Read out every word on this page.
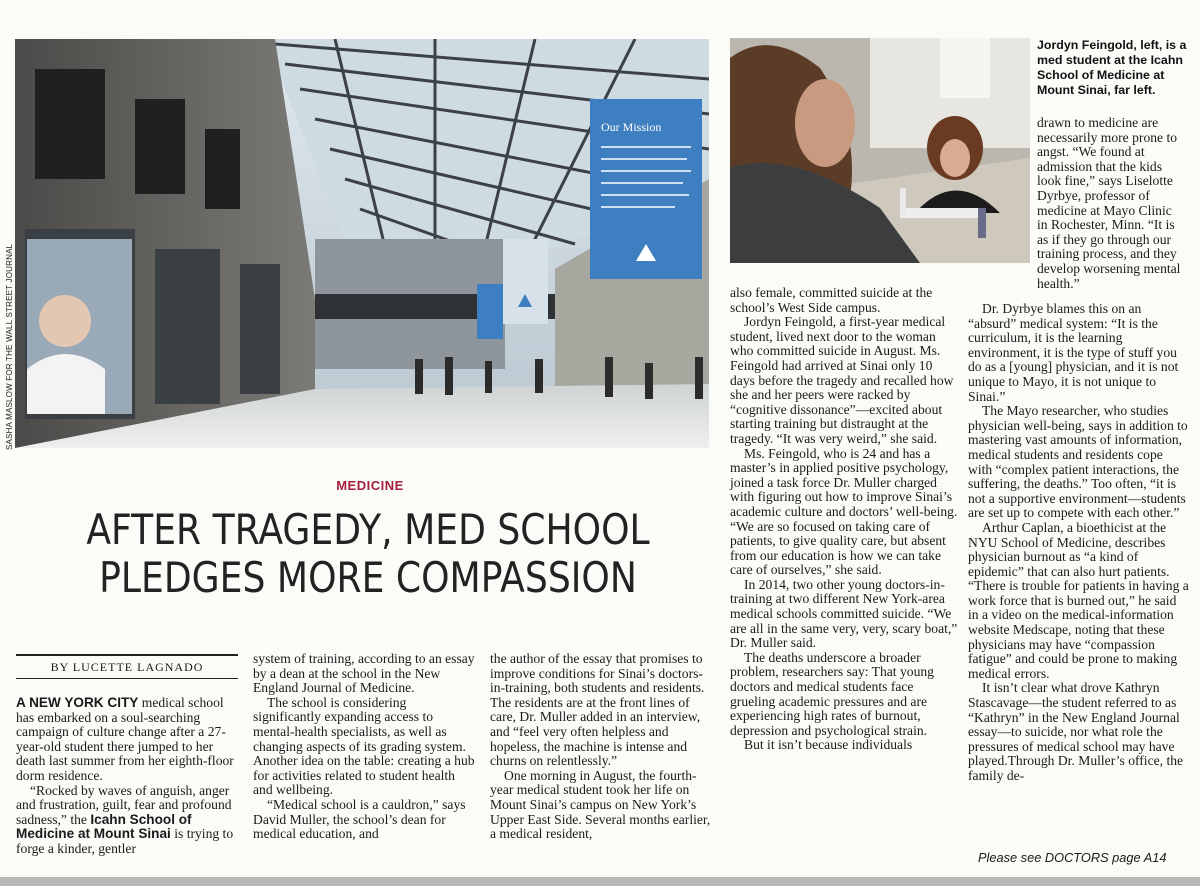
Our Mission
SASHA MASLOW FOR THE WALL STREET JOURNAL
Jordyn Feingold, left, is a med student at the Icahn School of Medicine at Mount Sinai, far left.
MEDICINE
AFTER TRAGEDY, MED SCHOOL
PLEDGES MORE COMPASSION
BY LUCETTE LAGNADO

A NEW YORK CITY medical school has embarked on a soul-searching campaign of culture change after a 27-year-old student there jumped to her death last summer from her eighth-floor dorm residence.

“Rocked by waves of anguish, anger and frustration, guilt, fear and profound sadness,” the Icahn School of Medicine at Mount Sinai is trying to forge a kinder, gentler

system of training, according to an essay by a dean at the school in the New England Journal of Medicine.

The school is considering significantly expanding access to mental-health specialists, as well as changing aspects of its grading system. Another idea on the table: creating a hub for activities related to student health and wellbeing.

“Medical school is a cauldron,” says David Muller, the school’s dean for medical education, and

the author of the essay that promises to improve conditions for Sinai’s doctors-in-training, both students and residents. The residents are at the front lines of care, Dr. Muller added in an interview, and “feel very often helpless and hopeless, the machine is intense and churns on relentlessly.”

One morning in August, the fourth-year medical student took her life on Mount Sinai’s campus on New York’s Upper East Side. Several months earlier, a medical resident,

also female, committed suicide at the school’s West Side campus.

Jordyn Feingold, a first-year medical student, lived next door to the woman who committed suicide in August. Ms. Feingold had arrived at Sinai only 10 days before the tragedy and recalled how she and her peers were racked by “cognitive dissonance”—excited about starting training but distraught at the tragedy. “It was very weird,” she said.

Ms. Feingold, who is 24 and has a master’s in applied positive psychology, joined a task force Dr. Muller charged with figuring out how to improve Sinai’s academic culture and doctors’ well-being. “We are so focused on taking care of patients, to give quality care, but absent from our education is how we can take care of ourselves,” she said.

In 2014, two other young doctors-in-training at two different New York-area medical schools committed suicide. “We are all in the same very, very, scary boat,” Dr. Muller said.

The deaths underscore a broader problem, researchers say: That young doctors and medical students face grueling academic pressures and are experiencing high rates of burnout, depression and psychological strain.

But it isn’t because individuals

drawn to medicine are necessarily more prone to angst. “We found at admission that the kids look fine,” says Liselotte Dyrbye, professor of medicine at Mayo Clinic in Rochester, Minn. “It is as if they go through our training process, and they develop worsening mental health.”

Dr. Dyrbye blames this on an “absurd” medical system: “It is the curriculum, it is the learning environment, it is the type of stuff you do as a [young] physician, and it is not unique to Mayo, it is not unique to Sinai.”

The Mayo researcher, who studies physician well-being, says in addition to mastering vast amounts of information, medical students and residents cope with “complex patient interactions, the suffering, the deaths.” Too often, “it is not a supportive environment—students are set up to compete with each other.”

Arthur Caplan, a bioethicist at the NYU School of Medicine, describes physician burnout as “a kind of epidemic” that can also hurt patients. “There is trouble for patients in having a work force that is burned out,” he said in a video on the medical-information website Medscape, noting that these physicians may have “compassion fatigue” and could be prone to making medical errors.

It isn’t clear what drove Kathryn Stascavage—the student referred to as “Kathryn” in the New England Journal essay—to suicide, nor what role the pressures of medical school may have played.Through Dr. Muller’s office, the family de-

Please see DOCTORS page A14
